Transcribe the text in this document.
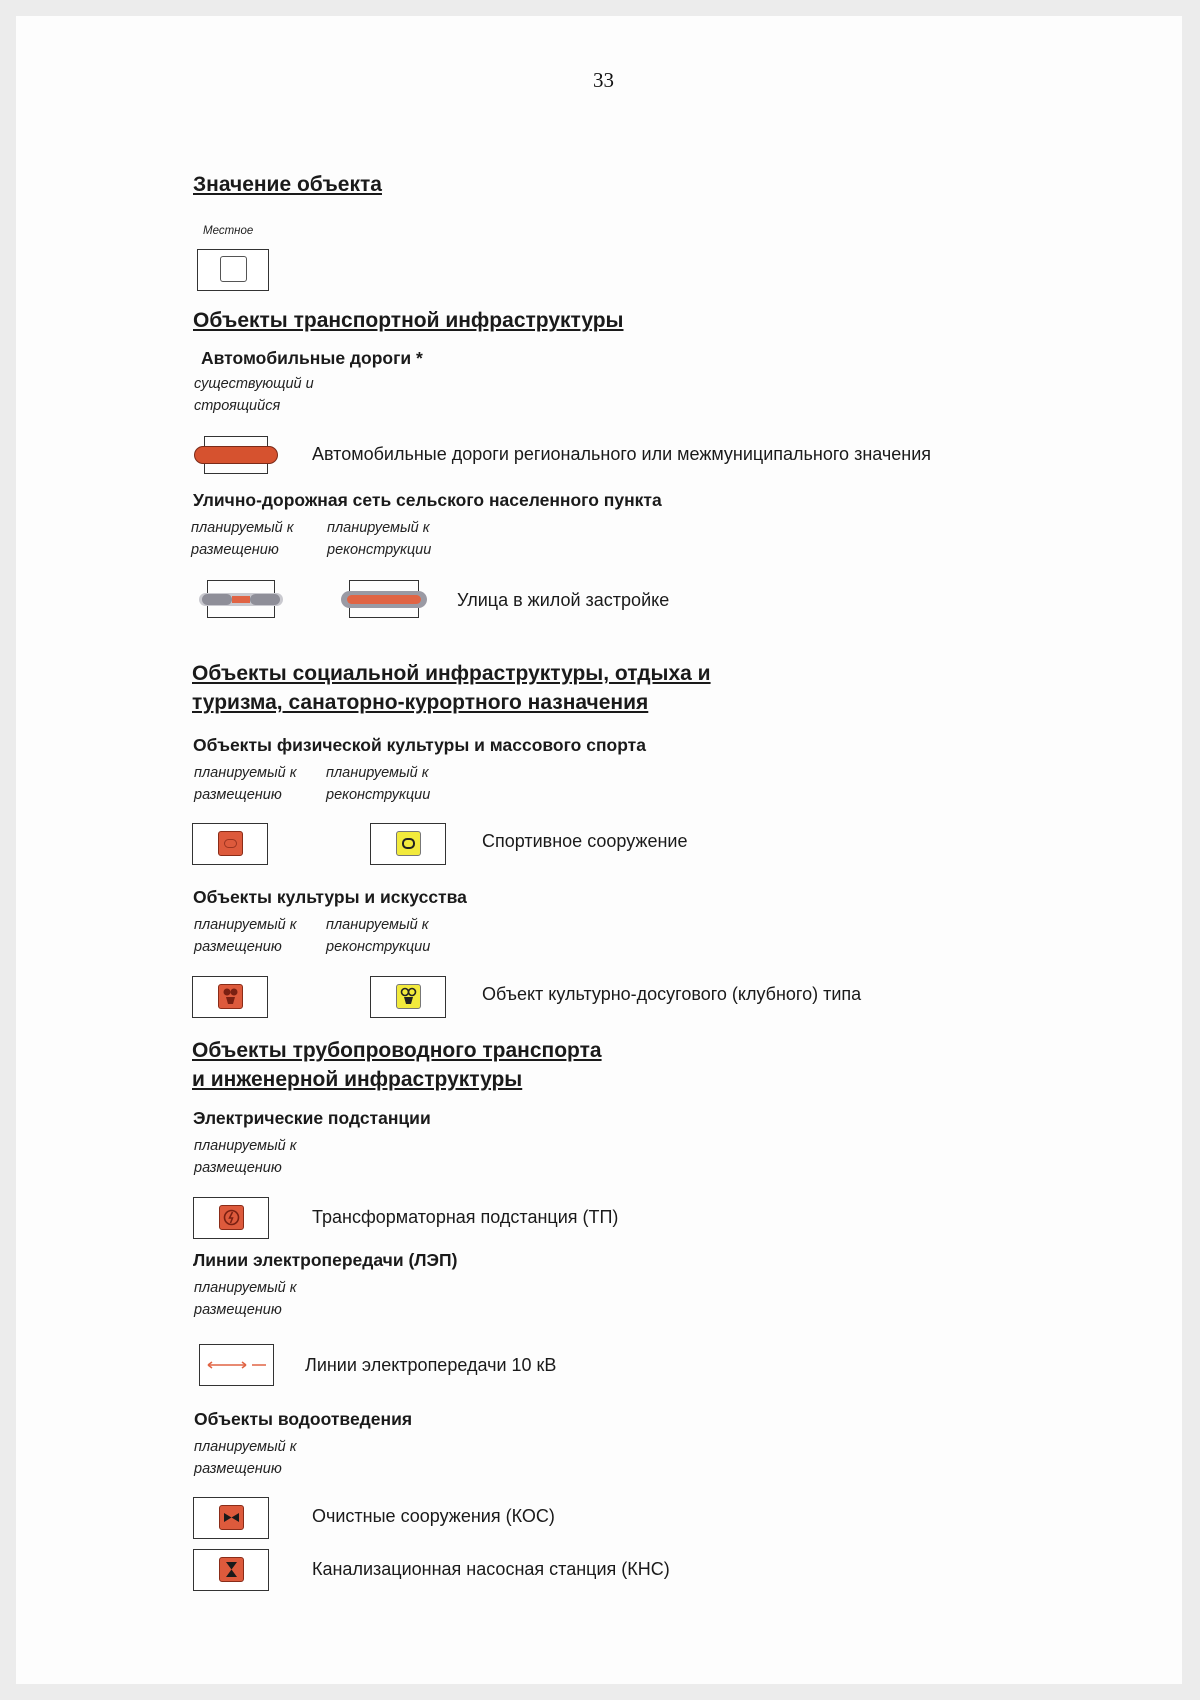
33
Значение объекта
Местное
Объекты транспортной инфраструктуры
Автомобильные дороги *
существующий и
строящийся
Автомобильные дороги регионального или межмуниципального значения
Улично-дорожная сеть сельского населенного пункта
планируемый к
размещению
планируемый к
реконструкции
Улица в жилой застройке
Объекты социальной инфраструктуры, отдыха и
туризма, санаторно-курортного назначения
Объекты физической культуры и массового спорта
планируемый к
размещению
планируемый к
реконструкции
Спортивное сооружение
Объекты культуры и искусства
планируемый к
размещению
планируемый к
реконструкции
Объект культурно-досугового (клубного) типа
Объекты трубопроводного транспорта
и инженерной инфраструктуры
Электрические подстанции
планируемый к
размещению
Трансформаторная подстанция (ТП)
Линии электропередачи (ЛЭП)
планируемый к
размещению
Линии электропередачи 10 кВ
Объекты водоотведения
планируемый к
размещению
Очистные сооружения (КОС)
Канализационная насосная станция (КНС)
